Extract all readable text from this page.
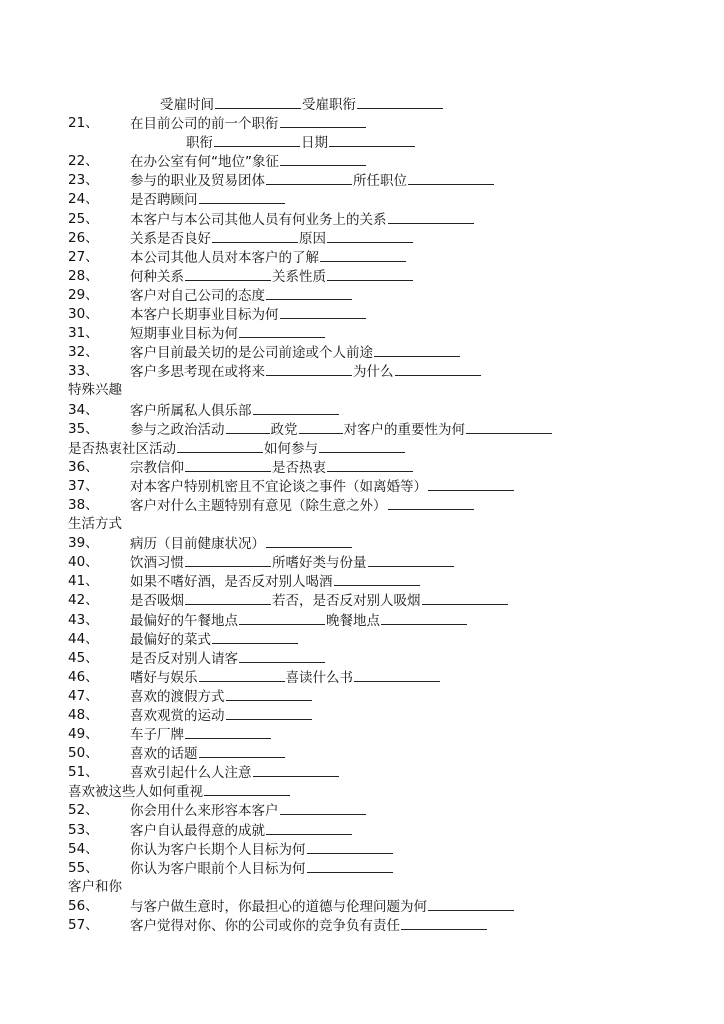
受雇时间	受雇职衔
21、	在目前公司的前一个职衔
职衔	日期
22、	在办公室有何“地位”象征
23、	参与的职业及贸易团体	所任职位
24、	是否聘顾问
25、	本客户与本公司其他人员有何业务上的关系
26、	关系是否良好	原因
27、	本公司其他人员对本客户的了解
28、	何种关系	关系性质
29、	客户对自己公司的态度
30、	本客户长期事业目标为何
31、	短期事业目标为何
32、	客户目前最关切的是公司前途或个人前途
33、	客户多思考现在或将来	为什么
特殊兴趣
34、	客户所属私人俱乐部
35、	参与之政治活动	政党	对客户的重要性为何
是否热衷社区活动	如何参与
36、	宗教信仰	是否热衷
37、	对本客户特别机密且不宜论谈之事件（如离婚等）
38、	客户对什么主题特别有意见（除生意之外）
生活方式
39、	病历（目前健康状况）
40、	饮酒习惯	所嗜好类与份量
41、	如果不嗜好酒，是否反对别人喝酒
42、	是否吸烟	若否，是否反对别人吸烟
43、	最偏好的午餐地点	晚餐地点
44、	最偏好的菜式
45、	是否反对别人请客
46、	嗜好与娱乐	喜读什么书
47、	喜欢的渡假方式
48、	喜欢观赏的运动
49、	车子厂牌
50、	喜欢的话题
51、	喜欢引起什么人注意
喜欢被这些人如何重视
52、	你会用什么来形容本客户
53、	客户自认最得意的成就
54、	你认为客户长期个人目标为何
55、	你认为客户眼前个人目标为何
客户和你
56、	与客户做生意时，你最担心的道德与伦理问题为何
57、	客户觉得对你、你的公司或你的竞争负有责任
